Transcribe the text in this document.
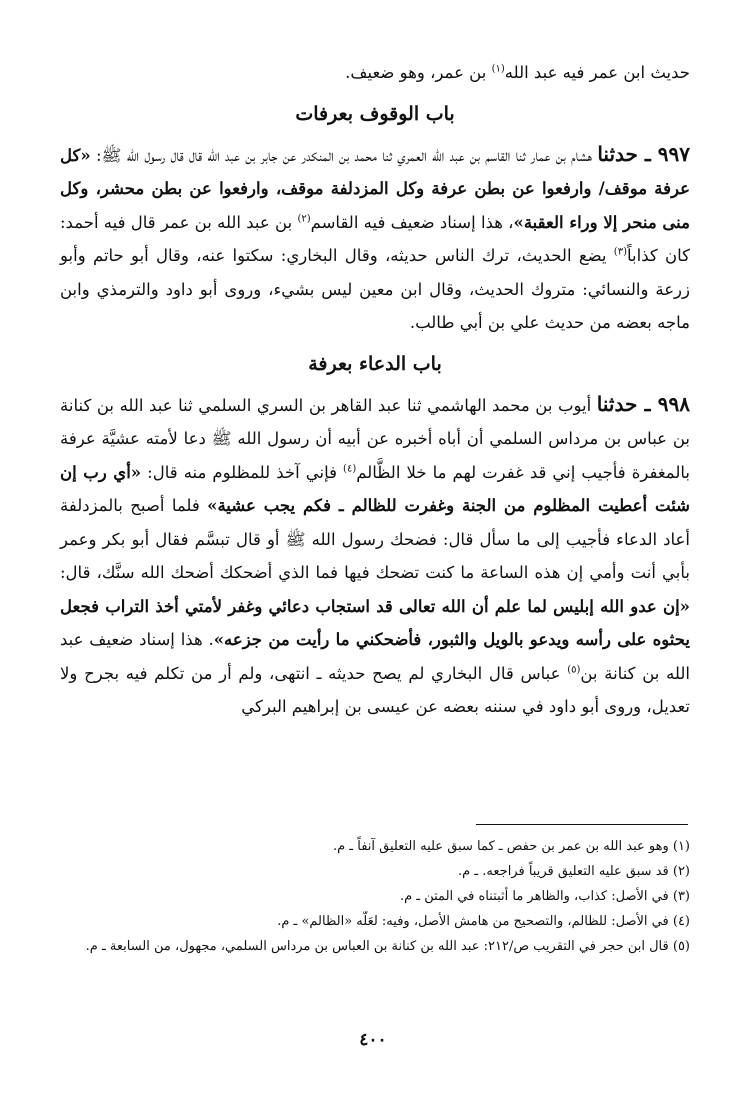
حديث ابن عمر فيه عبد الله$^{(١)}$ بن عمر، وهو ضعيف.

باب الوقوف بعرفات

٩٩٧ ـ حدثنا هشام بن عمار ثنا القاسم بن عبد الله العمري ثنا محمد بن المنكدر عن جابر بن عبد الله قال قال رسول الله ﷺ: «كل عرفة موقف/ وارفعوا عن بطن عرفة وكل المزدلفة موقف، وارفعوا عن بطن محشر، وكل منى منحر إلا وراء العقبة»، هذا إسناد ضعيف فيه القاسم$^{(٢)}$ بن عبد الله بن عمر قال فيه أحمد: كان كذاباً$^{(٣)}$ يضع الحديث، ترك الناس حديثه، وقال البخاري: سكتوا عنه، وقال أبو حاتم وأبو زرعة والنسائي: متروك الحديث، وقال ابن معين ليس بشيء، وروى أبو داود والترمذي وابن ماجه بعضه من حديث علي بن أبي طالب.

باب الدعاء بعرفة

٩٩٨ ـ حدثنا أيوب بن محمد الهاشمي ثنا عبد القاهر بن السري السلمي ثنا عبد الله بن كنانة بن عباس بن مرداس السلمي أن أباه أخبره عن أبيه أن رسول الله ﷺ دعا لأمته عشيَّة عرفة بالمغفرة فأجيب إني قد غفرت لهم ما خلا الظَّالم$^{(٤)}$ فإني آخذ للمظلوم منه قال: «أي رب إن شئت أعطيت المظلوم من الجنة وغفرت للظالم ـ فكم يجب عشية» فلما أصبح بالمزدلفة أعاد الدعاء فأجيب إلى ما سأل قال: فضحك رسول الله ﷺ أو قال تبسَّم فقال أبو بكر وعمر بأبي أنت وأمي إن هذه الساعة ما كنت تضحك فيها فما الذي أضحكك أضحك الله سنَّك، قال: «إن عدو الله إبليس لما علم أن الله تعالى قد استجاب دعائي وغفر لأمتي أخذ التراب فجعل يحثوه على رأسه ويدعو بالويل والثبور، فأضحكني ما رأيت من جزعه». هذا إسناد ضعيف عبد الله بن كنانة بن$^{(٥)}$ عباس قال البخاري لم يصح حديثه ـ انتهى، ولم أر من تكلم فيه بجرح ولا تعديل، وروى أبو داود في سننه بعضه عن عيسى بن إبراهيم البركي

(١) وهو عبد الله بن عمر بن حفص ـ كما سبق عليه التعليق آنفاً ـ م.

(٢) قد سبق عليه التعليق قريباً فراجعه. ـ م.

(٣) في الأصل: كذاب، والظاهر ما أثبتناه في المتن ـ م.

(٤) في الأصل: للظالم، والتصحيح من هامش الأصل، وفيه: لعَلّه «الظالم» ـ م.

(٥) قال ابن حجر في التقريب ص/٢١٢: عبد الله بن كنانة بن العباس بن مرداس السلمي، مجهول، من السابعة ـ م.

٤٠٠
